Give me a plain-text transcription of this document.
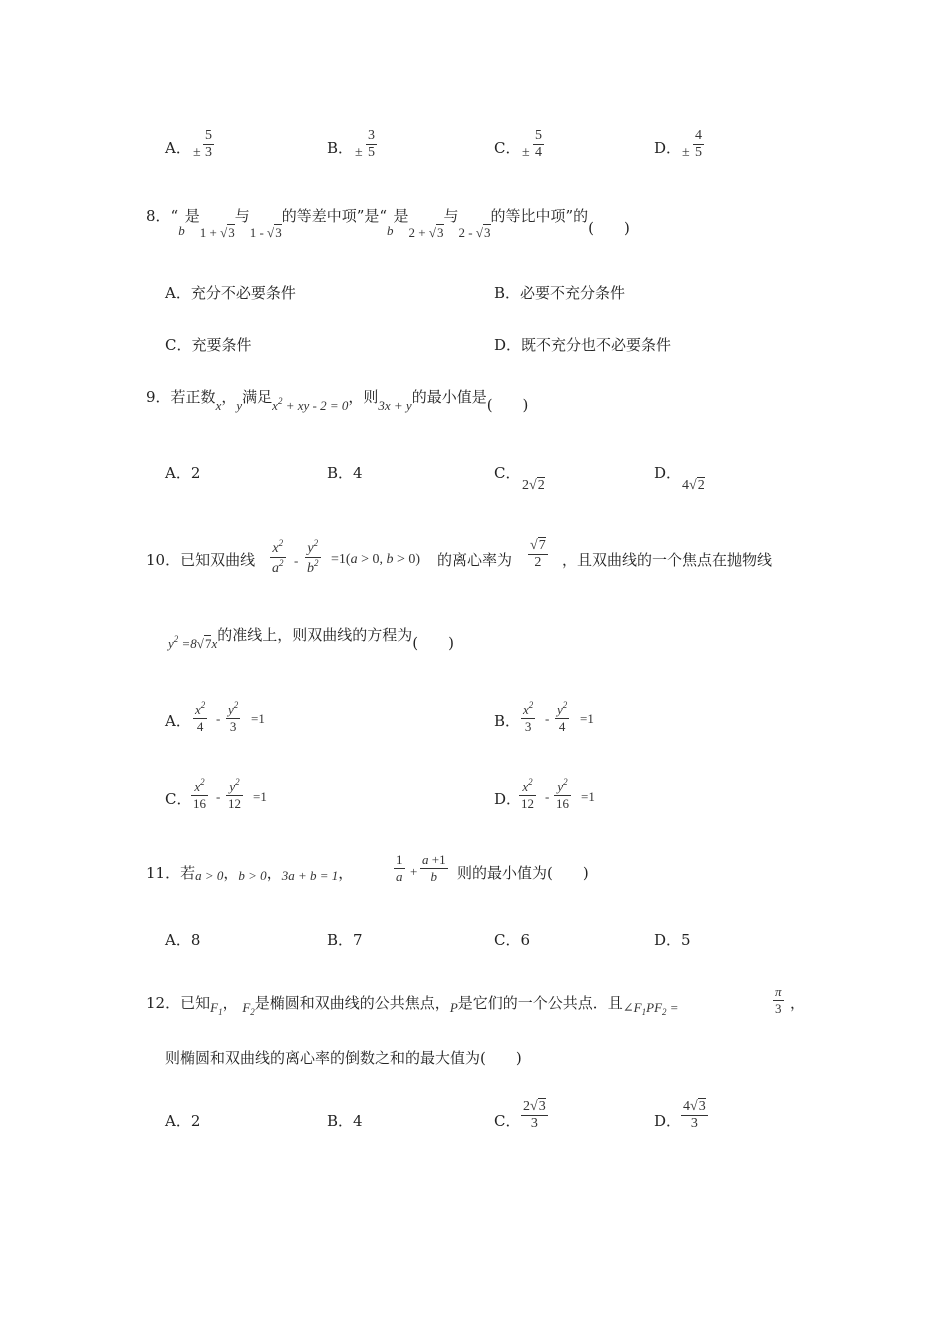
A． ±
5
3	B． ±
3
5	C． ±
5
4	D． ±
4
5
8．“b是1 + √3与1 - √3的等差中项”是“b是2 + √3与2 - √3的等比中项”的(　　)
A．充分不必要条件	B．必要不充分条件
C．充要条件	D．既不充分也不必要条件
9．若正数x，y满足$x^2$ + xy - 2 = 0，则3x + y的最小值是(　　)
A．2	B．4	C．
2√2
D．
4√2
10．已知双曲线
$x^2$
$a^2$ -
$y^2$
$b^2 =1(a > 0$, b > 0) 的离心率为
√7
2	，且双曲线的一个焦点在抛物线
$y^2 =8√7x$的准线上，则双曲线的方程为(　　)
A．
$x^2$
4
-
$y^2$
3
=1	B．
$x^2$
3
-
$y^2$
4
=1
C．
$x^2$
16 -
$y^2$
12 =1	D．
$x^2$
12 -
$y^2$
16 =1
11．若a > 0，b > 0，3a + b = 1，
1
a +
a +1
b	则的最小值为(　　)
A．8	B．7	C．6	D．5
12．已知$F_1$， $F_2$是椭圆和双曲线的公共焦点，P是它们的一个公共点．且$\angle F_1PF_2$ =
π
3 ，
则椭圆和双曲线的离心率的倒数之和的最大值为(　　)
A．2	B．4	C．
2√3
3	D．
4√3
3
